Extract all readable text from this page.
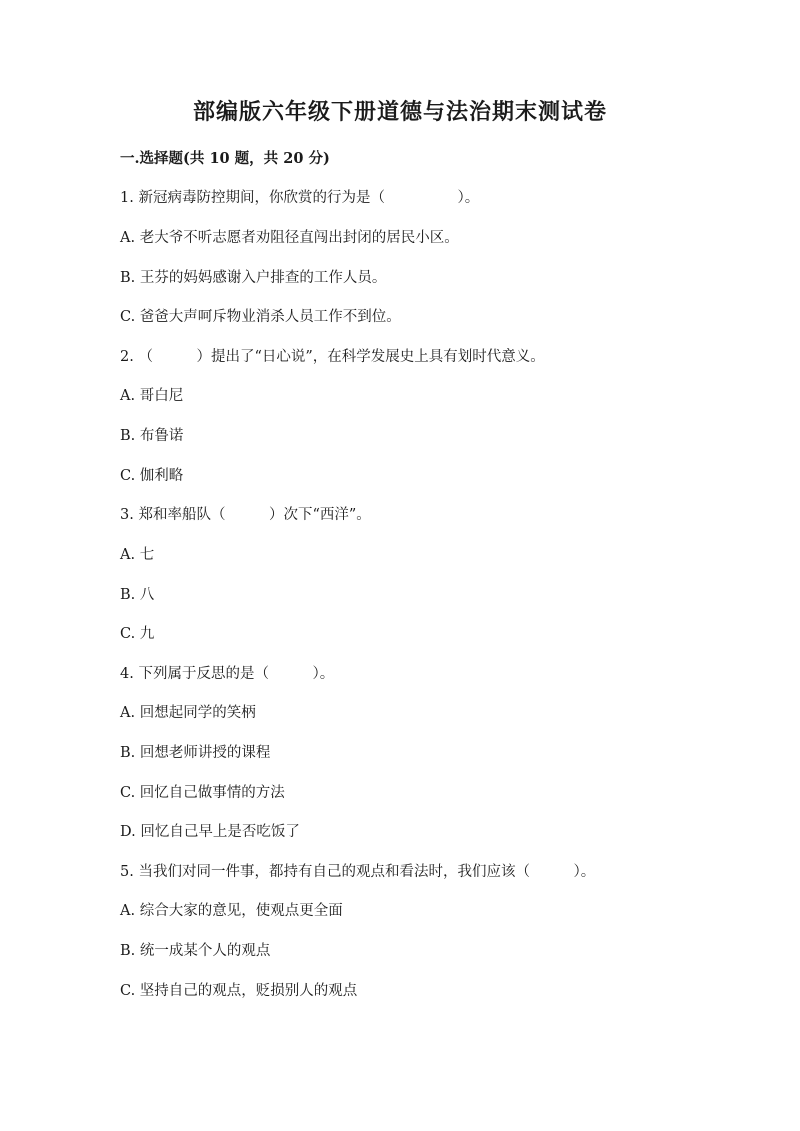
部编版六年级下册道德与法治期末测试卷
一.选择题(共 10 题，共 20 分)
1. 新冠病毒防控期间，你欣赏的行为是（　　　　　）。
A. 老大爷不听志愿者劝阻径直闯出封闭的居民小区。
B. 王芬的妈妈感谢入户排查的工作人员。
C. 爸爸大声呵斥物业消杀人员工作不到位。
2. （　　　）提出了“日心说”，在科学发展史上具有划时代意义。
A. 哥白尼
B. 布鲁诺
C. 伽利略
3. 郑和率船队（　　　）次下“西洋”。
A. 七
B. 八
C. 九
4. 下列属于反思的是（　　　）。
A. 回想起同学的笑柄
B. 回想老师讲授的课程
C. 回忆自己做事情的方法
D. 回忆自己早上是否吃饭了
5. 当我们对同一件事，都持有自己的观点和看法时，我们应该（　　　）。
A. 综合大家的意见，使观点更全面
B. 统一成某个人的观点
C. 坚持自己的观点，贬损别人的观点
